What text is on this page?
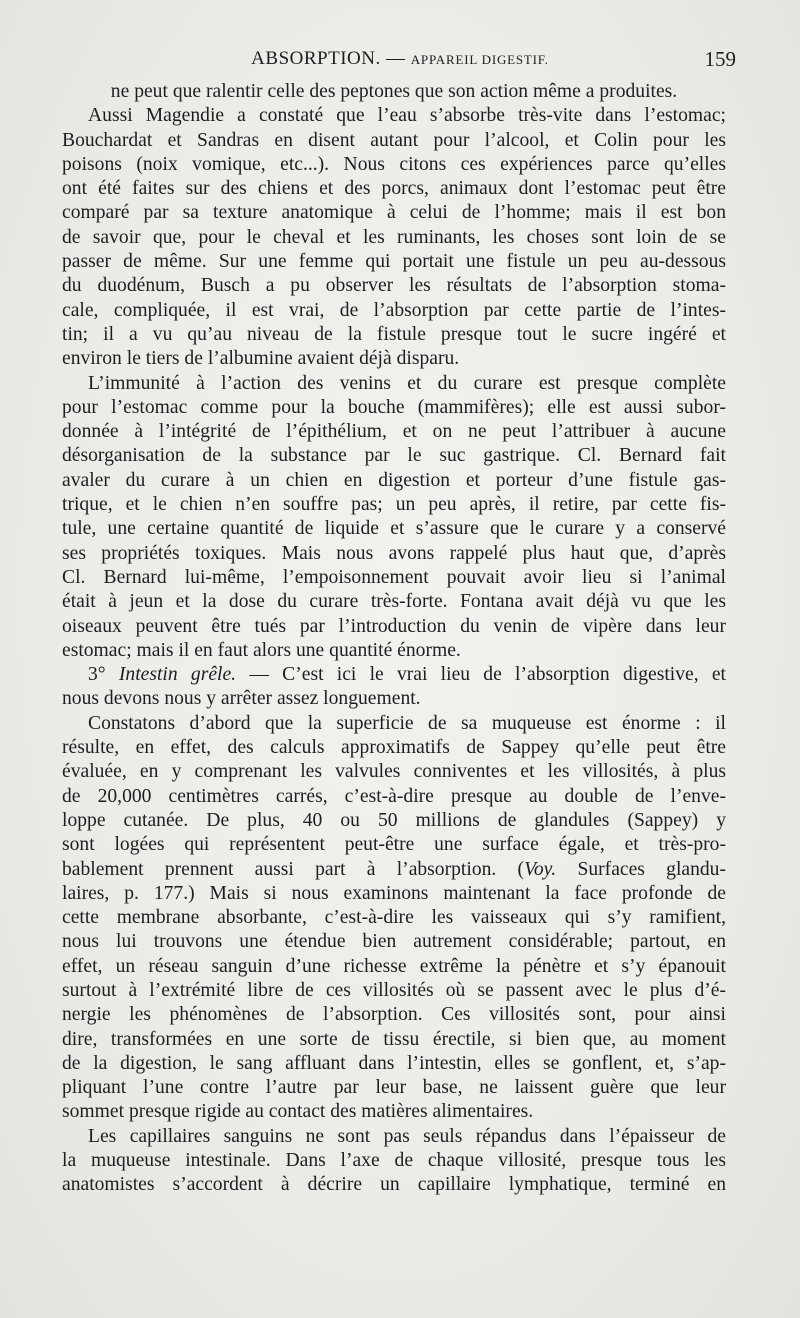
ABSORPTION. — APPAREIL DIGESTIF.	159
ne peut que ralentir celle des peptones que son action même a produites.
Aussi Magendie a constaté que l’eau s’absorbe très-vite dans l’estomac;
Bouchardat et Sandras en disent autant pour l’alcool, et Colin pour les
poisons (noix vomique, etc...). Nous citons ces expériences parce qu’elles
ont été faites sur des chiens et des porcs, animaux dont l’estomac peut être
comparé par sa texture anatomique à celui de l’homme; mais il est bon
de savoir que, pour le cheval et les ruminants, les choses sont loin de se
passer de même. Sur une femme qui portait une fistule un peu au-dessous
du duodénum, Busch a pu observer les résultats de l’absorption stoma-
cale, compliquée, il est vrai, de l’absorption par cette partie de l’intes-
tin; il a vu qu’au niveau de la fistule presque tout le sucre ingéré et
environ le tiers de l’albumine avaient déjà disparu.
L’immunité à l’action des venins et du curare est presque complète
pour l’estomac comme pour la bouche (mammifères); elle est aussi subor-
donnée à l’intégrité de l’épithélium, et on ne peut l’attribuer à aucune
désorganisation de la substance par le suc gastrique. Cl. Bernard fait
avaler du curare à un chien en digestion et porteur d’une fistule gas-
trique, et le chien n’en souffre pas; un peu après, il retire, par cette fis-
tule, une certaine quantité de liquide et s’assure que le curare y a conservé
ses propriétés toxiques. Mais nous avons rappelé plus haut que, d’après
Cl. Bernard lui-même, l’empoisonnement pouvait avoir lieu si l’animal
était à jeun et la dose du curare très-forte. Fontana avait déjà vu que les
oiseaux peuvent être tués par l’introduction du venin de vipère dans leur
estomac; mais il en faut alors une quantité énorme.
3° Intestin grêle. — C’est ici le vrai lieu de l’absorption digestive, et
nous devons nous y arrêter assez longuement.
Constatons d’abord que la superficie de sa muqueuse est énorme : il
résulte, en effet, des calculs approximatifs de Sappey qu’elle peut être
évaluée, en y comprenant les valvules conniventes et les villosités, à plus
de 20,000 centimètres carrés, c’est-à-dire presque au double de l’enve-
loppe cutanée. De plus, 40 ou 50 millions de glandules (Sappey) y
sont logées qui représentent peut-être une surface égale, et très-pro-
bablement prennent aussi part à l’absorption. (Voy. Surfaces glandu-
laires, p. 177.) Mais si nous examinons maintenant la face profonde de
cette membrane absorbante, c’est-à-dire les vaisseaux qui s’y ramifient,
nous lui trouvons une étendue bien autrement considérable; partout, en
effet, un réseau sanguin d’une richesse extrême la pénètre et s’y épanouit
surtout à l’extrémité libre de ces villosités où se passent avec le plus d’é-
nergie les phénomènes de l’absorption. Ces villosités sont, pour ainsi
dire, transformées en une sorte de tissu érectile, si bien que, au moment
de la digestion, le sang affluant dans l’intestin, elles se gonflent, et, s’ap-
pliquant l’une contre l’autre par leur base, ne laissent guère que leur
sommet presque rigide au contact des matières alimentaires.
Les capillaires sanguins ne sont pas seuls répandus dans l’épaisseur de
la muqueuse intestinale. Dans l’axe de chaque villosité, presque tous les
anatomistes s’accordent à décrire un capillaire lymphatique, terminé en
